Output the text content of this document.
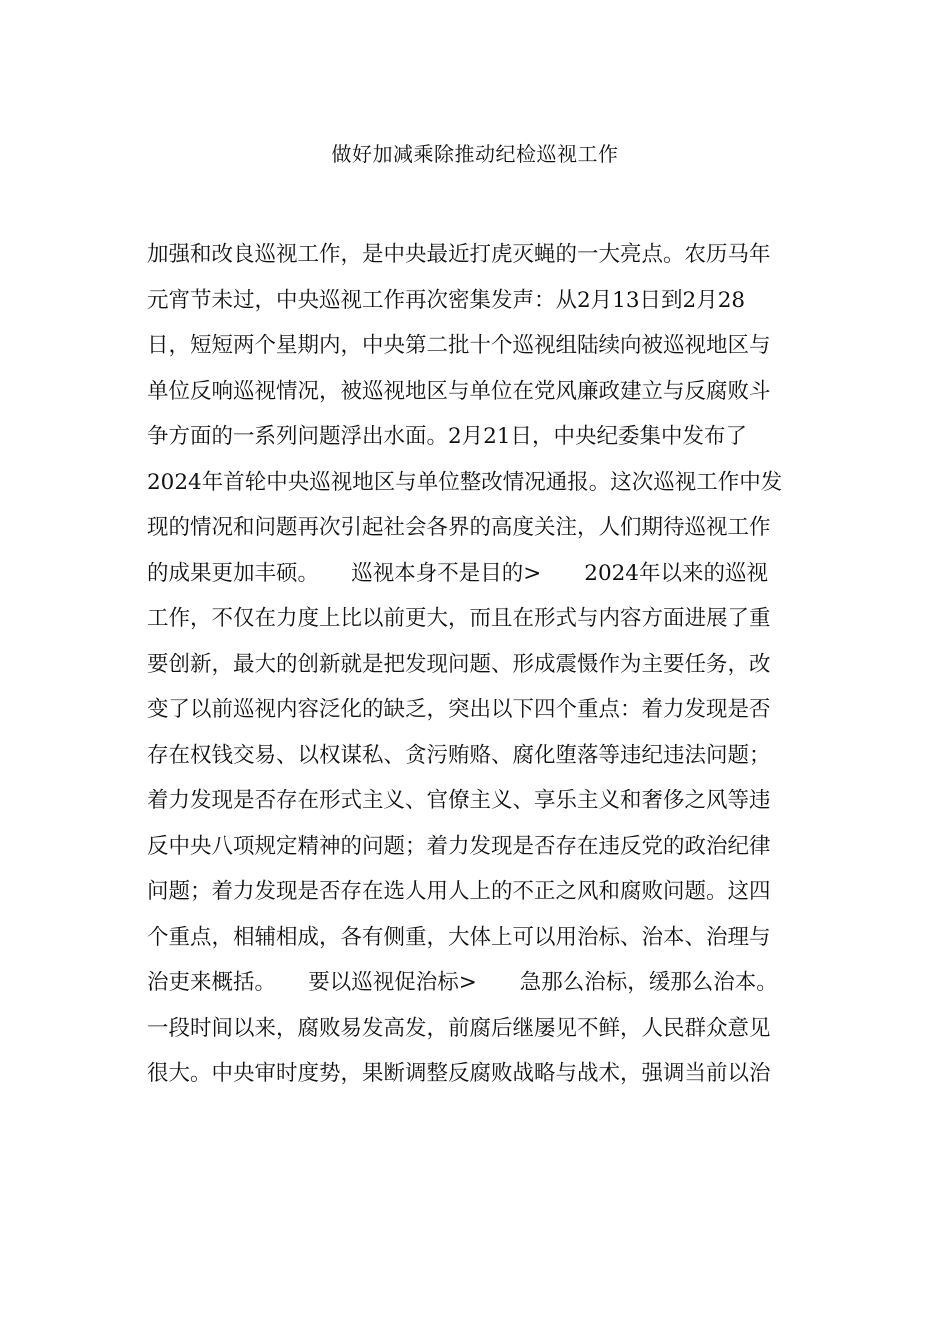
做好加减乘除推动纪检巡视工作
加强和改良巡视工作，是中央最近打虎灭蝇的一大亮点。农历马年
元宵节未过，中央巡视工作再次密集发声：从2月13日到2月28
日，短短两个星期内，中央第二批十个巡视组陆续向被巡视地区与
单位反响巡视情况，被巡视地区与单位在党风廉政建立与反腐败斗
争方面的一系列问题浮出水面。2月21日，中央纪委集中发布了
2024年首轮中央巡视地区与单位整改情况通报。这次巡视工作中发
现的情况和问题再次引起社会各界的高度关注，人们期待巡视工作
的成果更加丰硕。　　巡视本身不是目的>　　2024年以来的巡视
工作，不仅在力度上比以前更大，而且在形式与内容方面进展了重
要创新，最大的创新就是把发现问题、形成震慑作为主要任务，改
变了以前巡视内容泛化的缺乏，突出以下四个重点：着力发现是否
存在权钱交易、以权谋私、贪污贿赂、腐化堕落等违纪违法问题；
着力发现是否存在形式主义、官僚主义、享乐主义和奢侈之风等违
反中央八项规定精神的问题；着力发现是否存在违反党的政治纪律
问题；着力发现是否存在选人用人上的不正之风和腐败问题。这四
个重点，相辅相成，各有侧重，大体上可以用治标、治本、治理与
治吏来概括。　　要以巡视促治标>　　急那么治标，缓那么治本。
一段时间以来，腐败易发高发，前腐后继屡见不鲜，人民群众意见
很大。中央审时度势，果断调整反腐败战略与战术，强调当前以治
